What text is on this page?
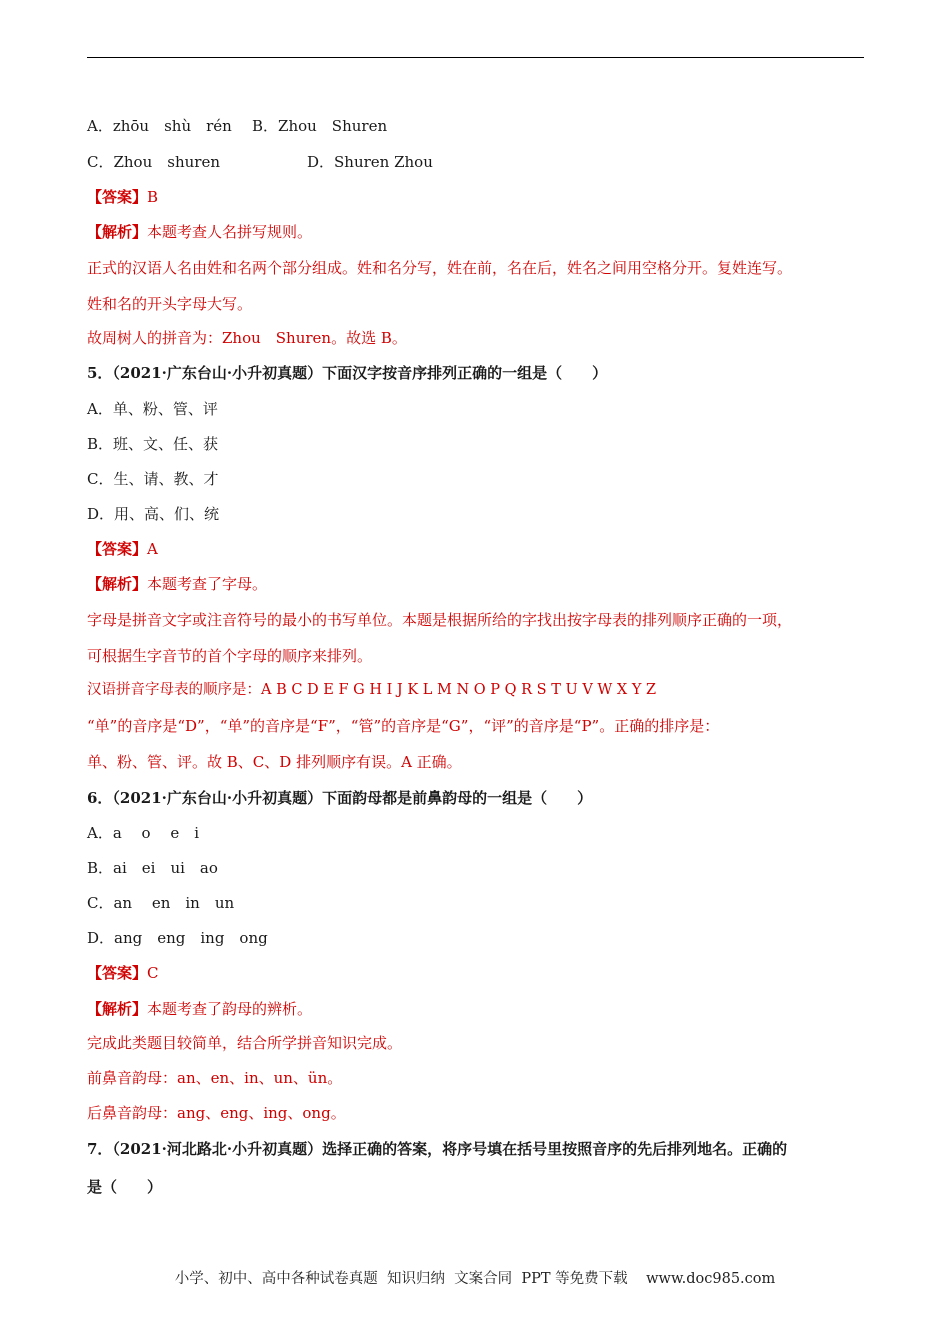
A．zhōu　shù　rén B．Zhou　Shuren
C．Zhou　shuren	D．Shuren Zhou
【答案】B
【解析】本题考查人名拼写规则。
正式的汉语人名由姓和名两个部分组成。姓和名分写，姓在前，名在后，姓名之间用空格分开。复姓连写。
姓和名的开头字母大写。
故周树人的拼音为：Zhou　Shuren。故选 B。
5．（2021·广东台山·小升初真题）下面汉字按音序排列正确的一组是（　　）
A．单、粉、管、评
B．班、文、任、获
C．生、请、教、才
D．用、高、们、统
【答案】A
【解析】本题考查了字母。
字母是拼音文字或注音符号的最小的书写单位。本题是根据所给的字找出按字母表的排列顺序正确的一项，
可根据生字音节的首个字母的顺序来排列。
汉语拼音字母表的顺序是：A B C D E F G H I J K L M N O P Q R S T U V W X Y Z
“单”的音序是“D”，“单”的音序是“F”，“管”的音序是“G”，“评”的音序是“P”。正确的排序是：
单、粉、管、评。故 B、C、D 排列顺序有误。A 正确。
6．（2021·广东台山·小升初真题）下面韵母都是前鼻韵母的一组是（　　）
A．a　 o　 e　i
B．ai　ei　ui　ao
C．an　 en　in　un
D．ang　eng　ing　ong
【答案】C
【解析】本题考查了韵母的辨析。
完成此类题目较简单，结合所学拼音知识完成。
前鼻音韵母：an、en、in、un、ün。
后鼻音韵母：ang、eng、ing、ong。
7．（2021·河北路北·小升初真题）选择正确的答案，将序号填在括号里按照音序的先后排列地名。正确的
是（　　）
小学、初中、高中各种试卷真题  知识归纳  文案合同  PPT 等免费下载    www.doc985.com
